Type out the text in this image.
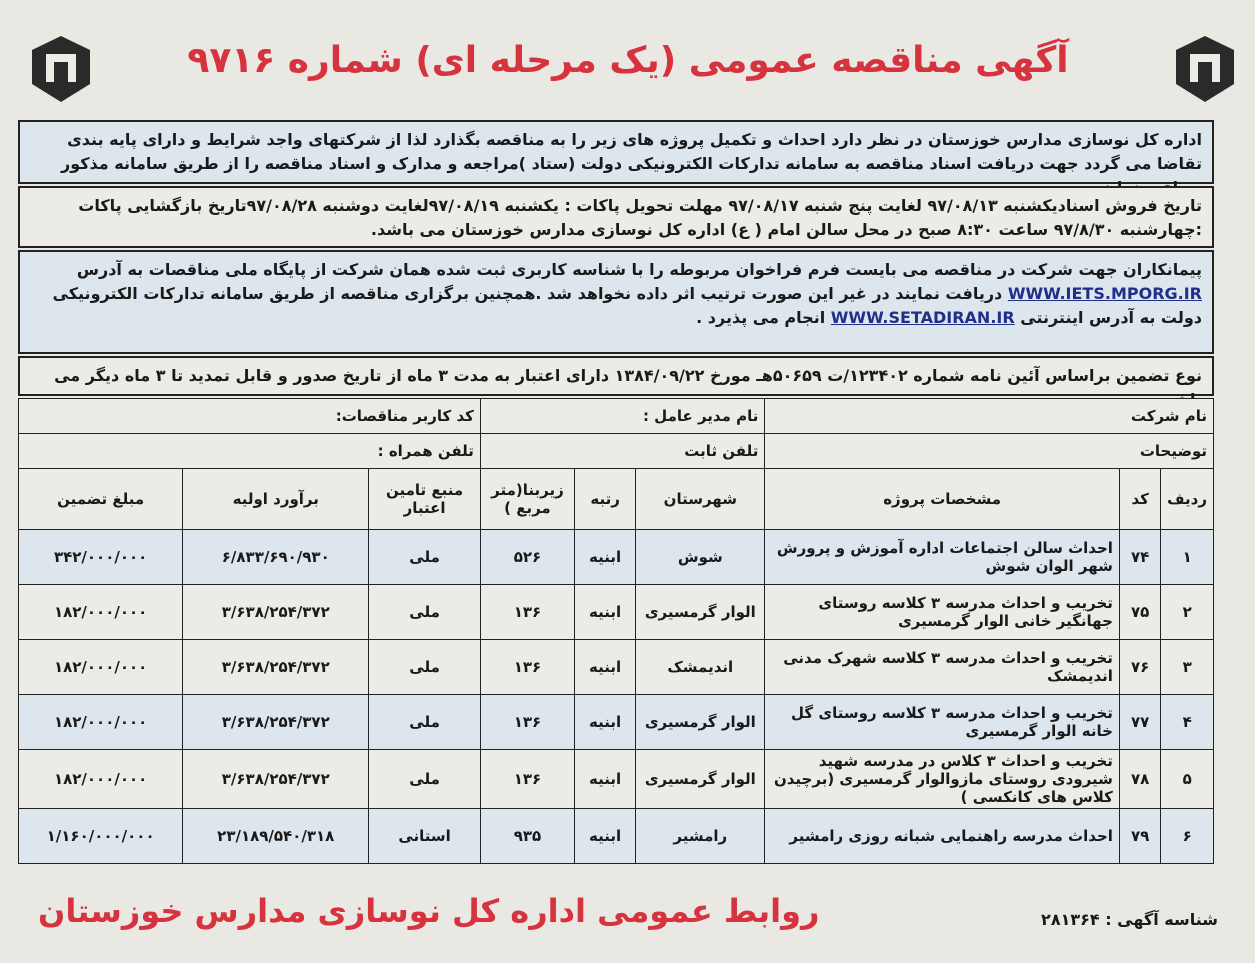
آگهی مناقصه عمومی (یک مرحله ای) شماره ۹۷۱۶
اداره کل نوسازی مدارس خوزستان در نظر دارد احداث و تکمیل پروژه های زیر را به مناقصه بگذارد لذا از شرکتهای واجد شرایط و دارای پایه بندی تقاضا می گردد جهت دریافت اسناد مناقصه به سامانه تدارکات الکترونیکی دولت (ستاد )مراجعه و مدارک و اسناد مناقصه را از طریق سامانه مذکور
تاریخ فروش اسنادیکشنبه ۹۷/۰۸/۱۳ لغایت پنج شنبه ۹۷/۰۸/۱۷ مهلت تحویل پاکات : یکشنبه ۹۷/۰۸/۱۹لغایت دوشنبه ۹۷/۰۸/۲۸تاریخ بازگشایی پاکات :چهارشنبه ۹۷/۸/۳۰ ساعت ۸:۳۰ صبح در محل سالن امام ( ع) اداره کل نوسازی مدارس خوزستان می باشد.
پیمانکاران جهت شرکت در مناقصه می بایست فرم فراخوان مربوطه را با شناسه کاربری ثبت شده همان شرکت از پایگاه ملی مناقصات به آدرس WWW.IETS.MPORG.IR دریافت نمایند در غیر این صورت ترتیب اثر داده نخواهد شد .همچنین برگزاری مناقصه از طریق سامانه تدارکات الکترونیکی دولت به آدرس اینترنتی WWW.SETADIRAN.IR انجام می پذیرد .
نوع تضمین براساس آئین نامه شماره ۱۲۳۴۰۲/ت ۵۰۶۵۹هـ مورخ ۱۳۸۴/۰۹/۲۲ دارای اعتبار به مدت ۳ ماه از تاریخ صدور و قابل تمدید تا ۳ ماه دیگر می
نام شرکت			نام مدیر عامل :			کد کاربر مناقصات:		
توضیحات			تلفن ثابت			تلفن همراه :		
ردیف	کد	مشخصات پروژه	شهرستان	رتبه	زیربنا(متر مربع )	منبع تامین اعتبار	برآورد اولیه	مبلغ تضمین
۱	۷۴	احداث سالن اجتماعات اداره آموزش و پرورش شهر الوان شوش	شوش	ابنیه	۵۲۶	ملی	۶/۸۳۳/۶۹۰/۹۳۰	۳۴۲/۰۰۰/۰۰۰
۲	۷۵	تخریب و احداث مدرسه ۳ کلاسه روستای جهانگیر خانی الوار گرمسیری	الوار گرمسیری	ابنیه	۱۳۶	ملی	۳/۶۳۸/۲۵۴/۳۷۲	۱۸۲/۰۰۰/۰۰۰
۳	۷۶	تخریب و احداث مدرسه ۳ کلاسه شهرک مدنی اندیمشک	اندیمشک	ابنیه	۱۳۶	ملی	۳/۶۳۸/۲۵۴/۳۷۲	۱۸۲/۰۰۰/۰۰۰
۴	۷۷	تخریب و احداث مدرسه ۳ کلاسه روستای گل خانه الوار گرمسیری	الوار گرمسیری	ابنیه	۱۳۶	ملی	۳/۶۳۸/۲۵۴/۳۷۲	۱۸۲/۰۰۰/۰۰۰
۵	۷۸	تخریب و احداث ۳ کلاس در مدرسه شهید شیرودی روستای مازوالوار گرمسیری (برچیدن کلاس های کانکسی )	الوار گرمسیری	ابنیه	۱۳۶	ملی	۳/۶۳۸/۲۵۴/۳۷۲	۱۸۲/۰۰۰/۰۰۰
۶	۷۹	احداث مدرسه راهنمایی شبانه روزی رامشیر	رامشیر	ابنیه	۹۳۵	استانی	۲۳/۱۸۹/۵۴۰/۳۱۸	۱/۱۶۰/۰۰۰/۰۰۰
شناسه آگهی : ۲۸۱۳۶۴
روابط عمومی اداره کل نوسازی مدارس خوزستان
